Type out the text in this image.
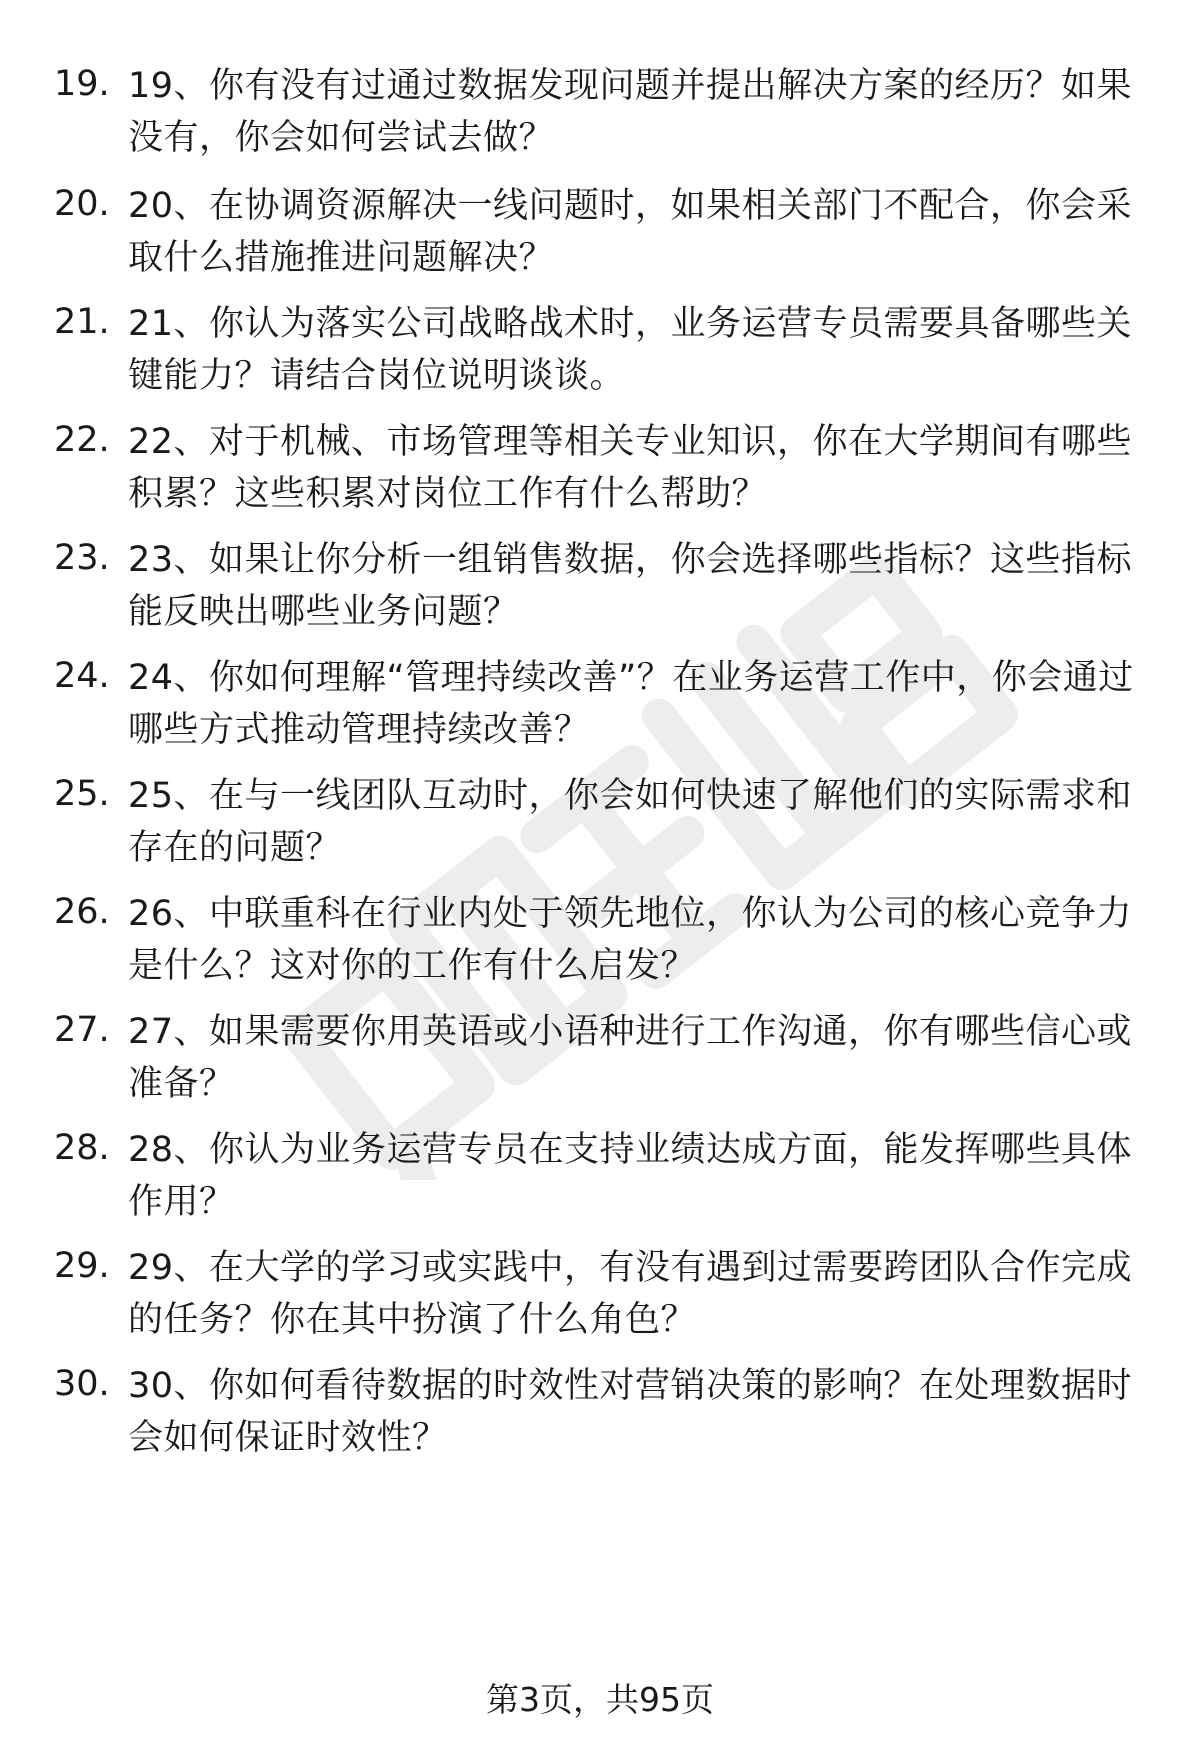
19. 19、你有没有过通过数据发现问题并提出解决方案的经历？如果没有，你会如何尝试去做？
20. 20、在协调资源解决一线问题时，如果相关部门不配合，你会采取什么措施推进问题解决？
21. 21、你认为落实公司战略战术时，业务运营专员需要具备哪些关键能力？请结合岗位说明谈谈。
22. 22、对于机械、市场管理等相关专业知识，你在大学期间有哪些积累？这些积累对岗位工作有什么帮助？
23. 23、如果让你分析一组销售数据，你会选择哪些指标？这些指标能反映出哪些业务问题？
24. 24、你如何理解“管理持续改善”？在业务运营工作中，你会通过哪些方式推动管理持续改善？
25. 25、在与一线团队互动时，你会如何快速了解他们的实际需求和存在的问题？
26. 26、中联重科在行业内处于领先地位，你认为公司的核心竞争力是什么？这对你的工作有什么启发？
27. 27、如果需要你用英语或小语种进行工作沟通，你有哪些信心或准备？
28. 28、你认为业务运营专员在支持业绩达成方面，能发挥哪些具体作用？
29. 29、在大学的学习或实践中，有没有遇到过需要跨团队合作完成的任务？你在其中扮演了什么角色？
30. 30、你如何看待数据的时效性对营销决策的影响？在处理数据时会如何保证时效性？
第3页，共95页
